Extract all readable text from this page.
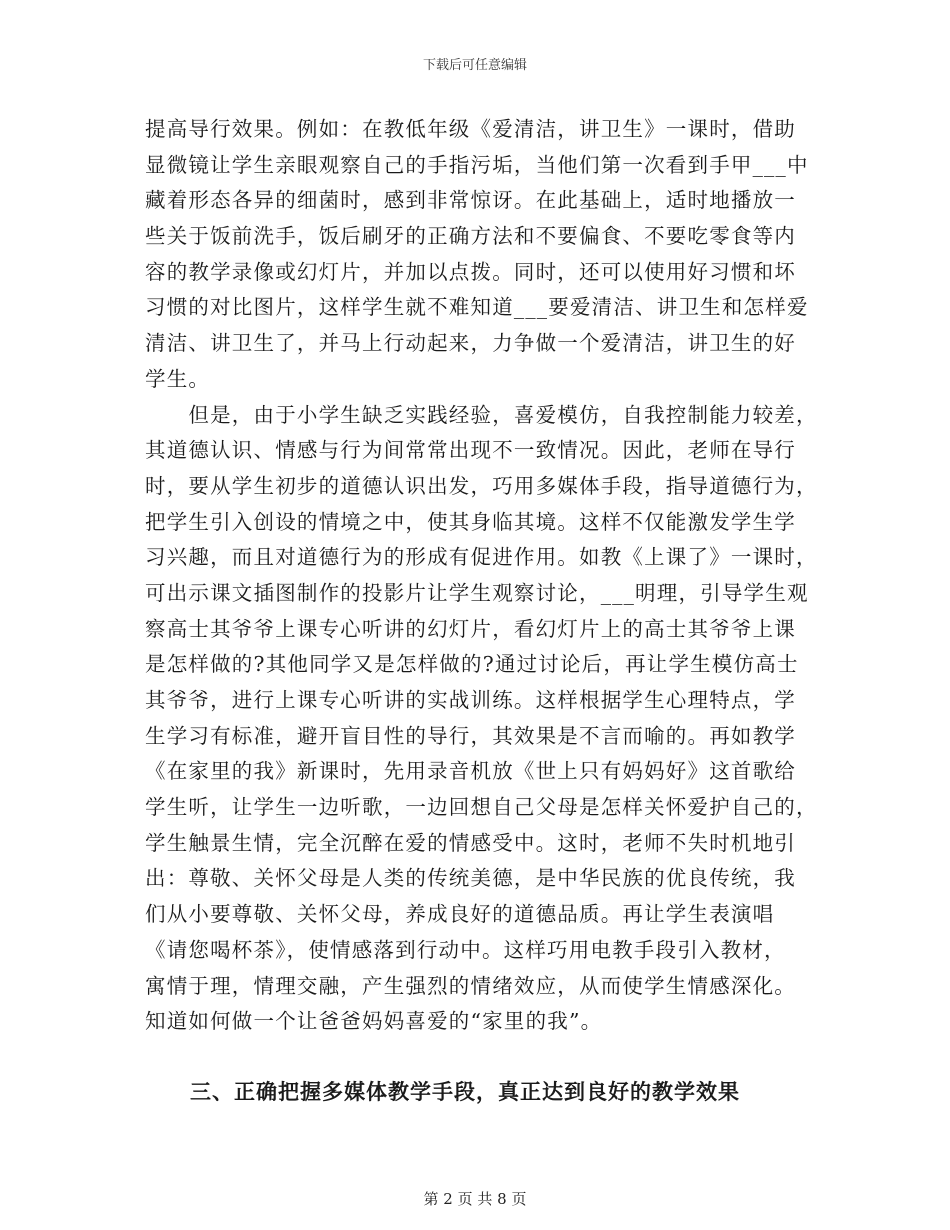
下载后可任意编辑
提高导行效果。例如：在教低年级《爱清洁，讲卫生》一课时，借助
显微镜让学生亲眼观察自己的手指污垢，当他们第一次看到手甲___中
藏着形态各异的细菌时，感到非常惊讶。在此基础上，适时地播放一
些关于饭前洗手，饭后刷牙的正确方法和不要偏食、不要吃零食等内
容的教学录像或幻灯片，并加以点拨。同时，还可以使用好习惯和坏
习惯的对比图片，这样学生就不难知道___要爱清洁、讲卫生和怎样爱
清洁、讲卫生了，并马上行动起来，力争做一个爱清洁，讲卫生的好
学生。
　　但是，由于小学生缺乏实践经验，喜爱模仿，自我控制能力较差，
其道德认识、情感与行为间常常出现不一致情况。因此，老师在导行
时，要从学生初步的道德认识出发，巧用多媒体手段，指导道德行为，
把学生引入创设的情境之中，使其身临其境。这样不仅能激发学生学
习兴趣，而且对道德行为的形成有促进作用。如教《上课了》一课时，
可出示课文插图制作的投影片让学生观察讨论，___明理，引导学生观
察高士其爷爷上课专心听讲的幻灯片，看幻灯片上的高士其爷爷上课
是怎样做的?其他同学又是怎样做的?通过讨论后，再让学生模仿高士
其爷爷，进行上课专心听讲的实战训练。这样根据学生心理特点，学
生学习有标准，避开盲目性的导行，其效果是不言而喻的。再如教学
《在家里的我》新课时，先用录音机放《世上只有妈妈好》这首歌给
学生听，让学生一边听歌，一边回想自己父母是怎样关怀爱护自己的，
学生触景生情，完全沉醉在爱的情感受中。这时，老师不失时机地引
出：尊敬、关怀父母是人类的传统美德，是中华民族的优良传统，我
们从小要尊敬、关怀父母，养成良好的道德品质。再让学生表演唱
《请您喝杯茶》，使情感落到行动中。这样巧用电教手段引入教材，
寓情于理，情理交融，产生强烈的情绪效应，从而使学生情感深化。
知道如何做一个让爸爸妈妈喜爱的“家里的我”。
三、正确把握多媒体教学手段，真正达到良好的教学效果
第 2 页 共 8 页
